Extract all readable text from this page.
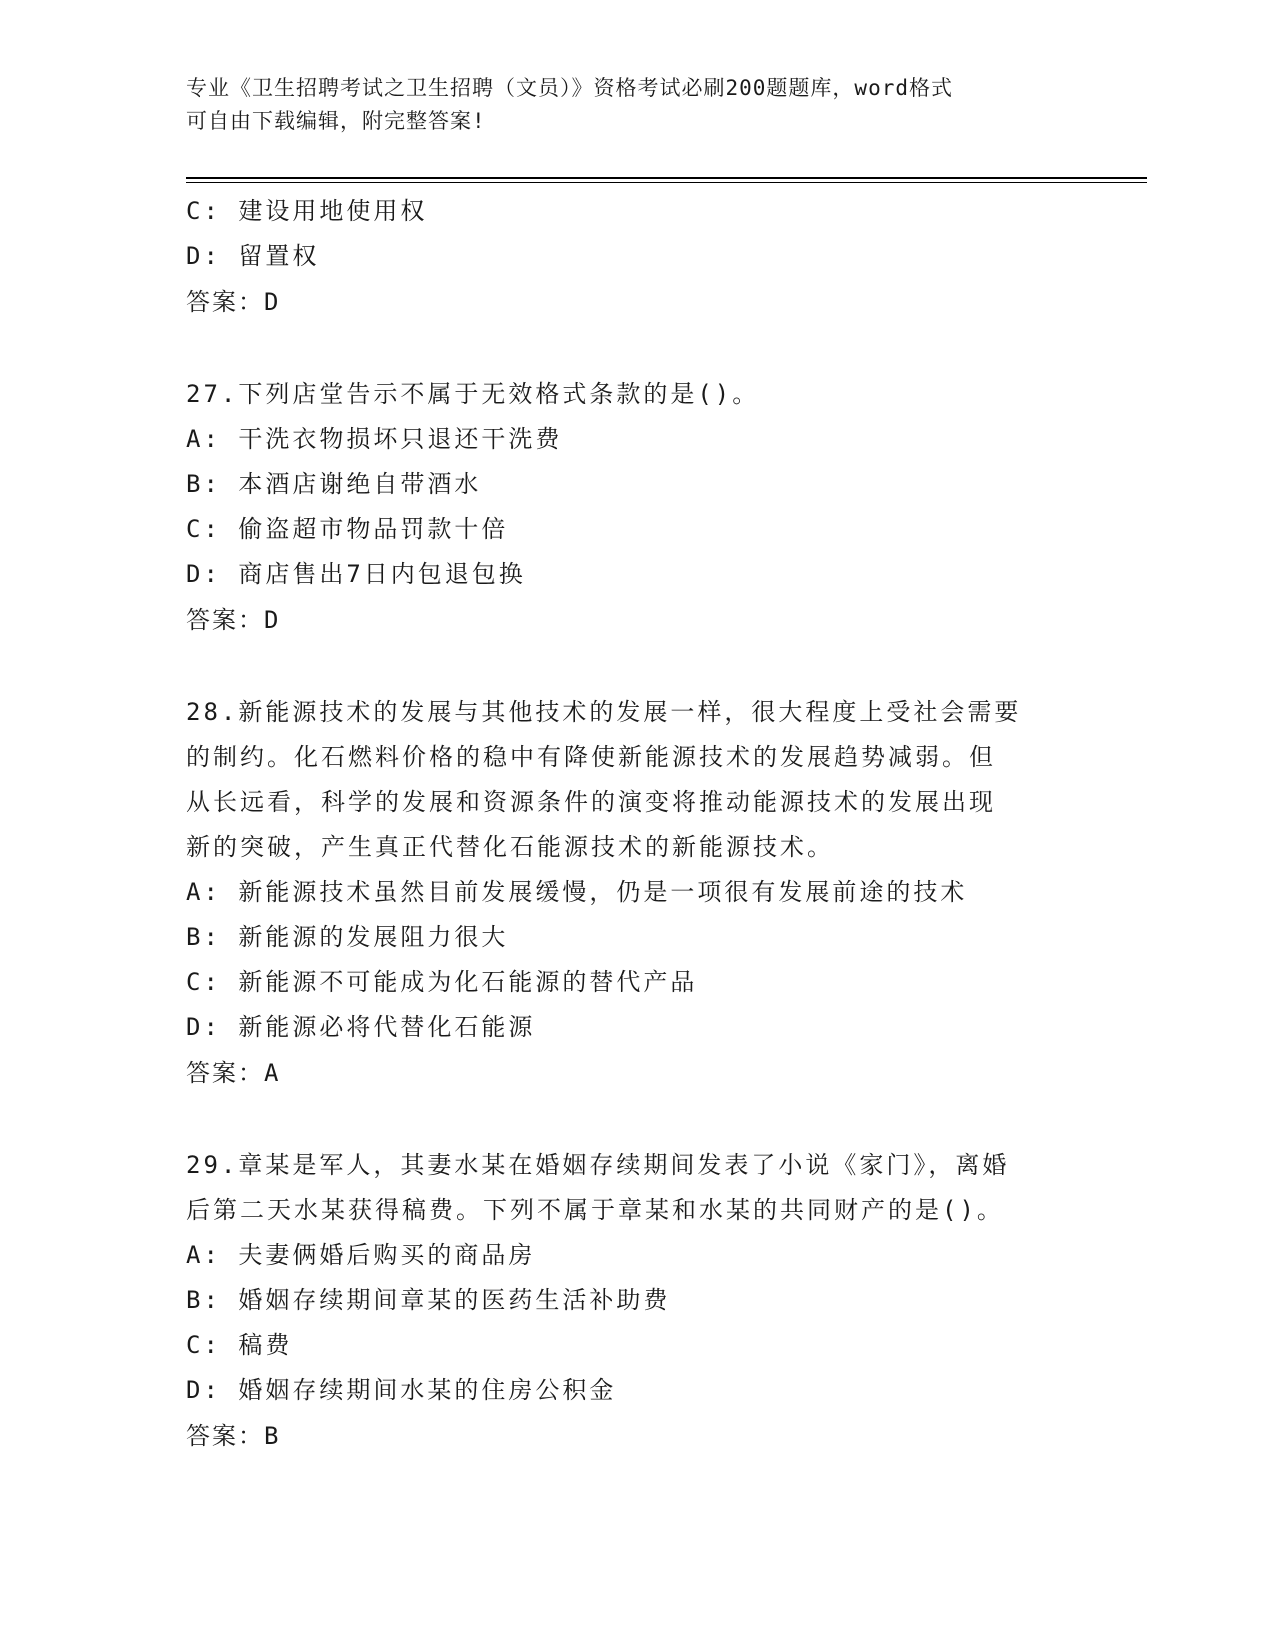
专业《卫生招聘考试之卫生招聘（文员）》资格考试必刷200题题库，word格式
可自由下载编辑，附完整答案!
C: 建设用地使用权
D: 留置权
答案：D
27.下列店堂告示不属于无效格式条款的是()。
A: 干洗衣物损坏只退还干洗费
B: 本酒店谢绝自带酒水
C: 偷盗超市物品罚款十倍
D: 商店售出7日内包退包换
答案：D
28.新能源技术的发展与其他技术的发展一样，很大程度上受社会需要
的制约。化石燃料价格的稳中有降使新能源技术的发展趋势减弱。但
从长远看，科学的发展和资源条件的演变将推动能源技术的发展出现
新的突破，产生真正代替化石能源技术的新能源技术。
A: 新能源技术虽然目前发展缓慢，仍是一项很有发展前途的技术
B: 新能源的发展阻力很大
C: 新能源不可能成为化石能源的替代产品
D: 新能源必将代替化石能源
答案：A
29.章某是军人，其妻水某在婚姻存续期间发表了小说《家门》，离婚
后第二天水某获得稿费。下列不属于章某和水某的共同财产的是()。
A: 夫妻俩婚后购买的商品房
B: 婚姻存续期间章某的医药生活补助费
C: 稿费
D: 婚姻存续期间水某的住房公积金
答案：B
